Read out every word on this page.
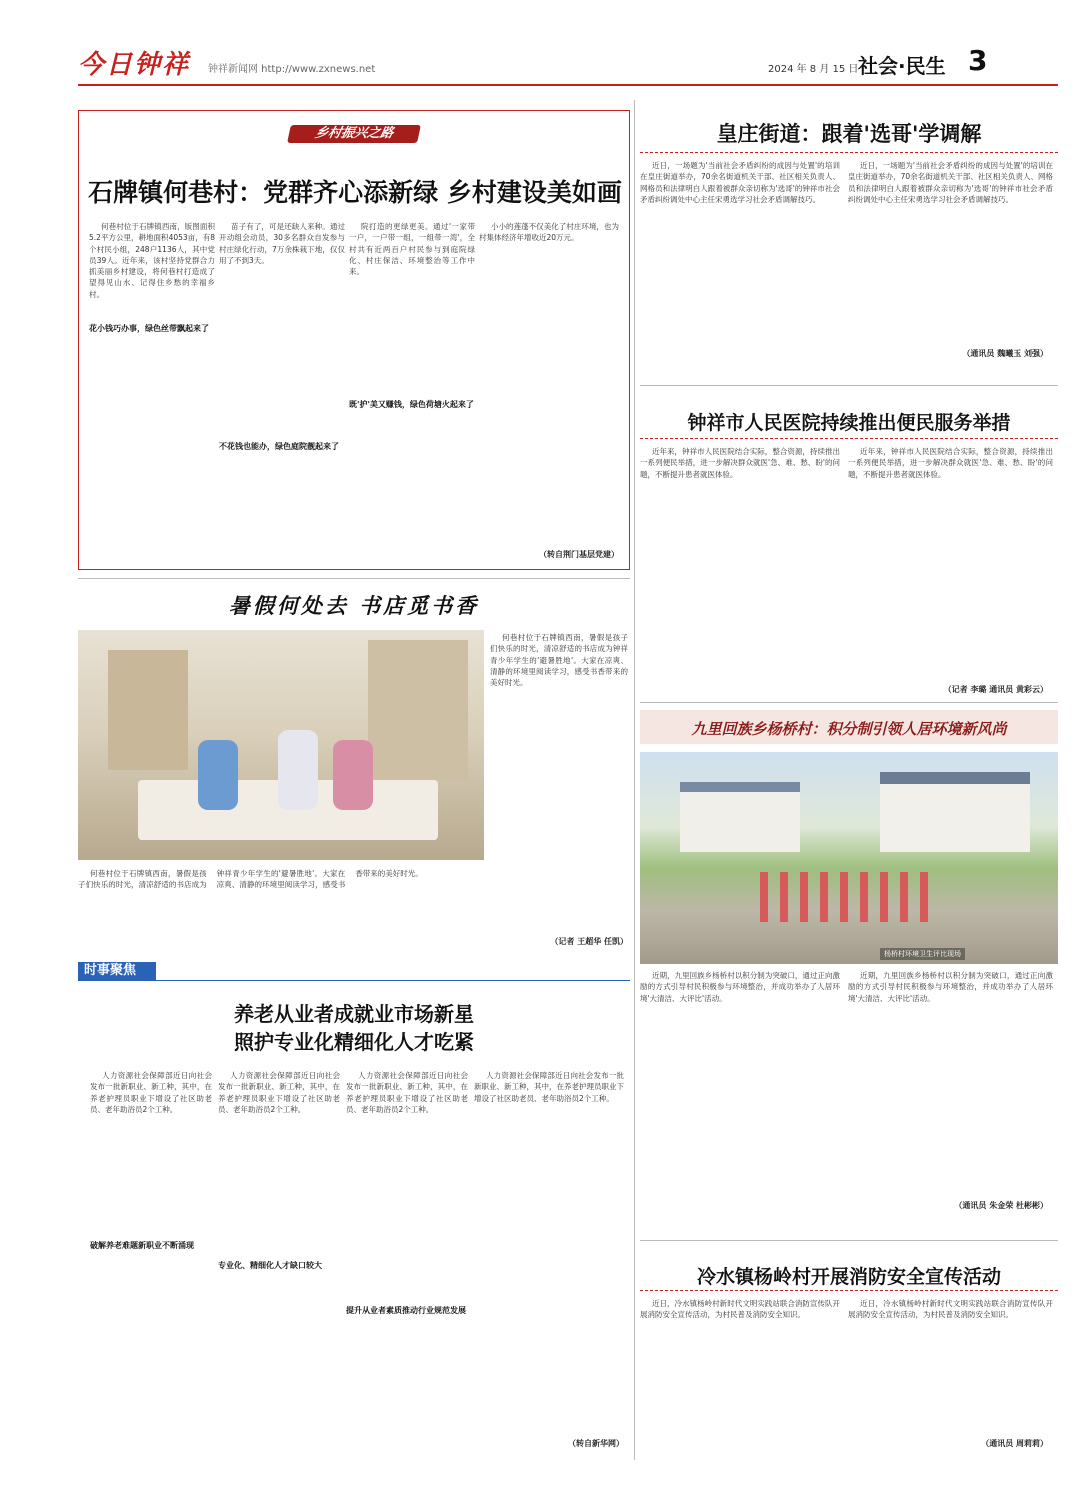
今日钟祥 钟祥新闻网 http://www.zxnews.net	2024 年 8 月 15 日 社会·民生 3
乡村振兴之路
石牌镇何巷村：党群齐心添新绿 乡村建设美如画
何巷村位于石牌镇西南，版图面积5.2平方公里，耕地面积4053亩，有8个村民小组，248户1136人，其中党员39人。近年来，该村坚持党群合力抓美丽乡村建设，将何巷村打造成了望得见山水、记得住乡愁的幸福乡村。
花小钱巧办事，绿色丝带飘起来了
苗子有了，可是还缺人来种。通过开动组会动员，30多名群众自发参与村庄绿化行动，7万余株栽下地，仅仅用了不到3天。
不花钱也能办，绿色庭院靓起来了
院打造的更绿更美。通过'一家带一户，一户带一组，一组带一湾'，全村共有近两百户村民参与到庭院绿化、村庄保洁、环境整治等工作中来。
既'护'美又赚钱，绿色荷塘火起来了
小小的莲蓬不仅美化了村庄环境，也为村集体经济年增收近20万元。
（转自荆门基层党建）
皇庄街道：跟着'选哥'学调解
近日，一场题为'当前社会矛盾纠纷的成因与处置'的培训在皇庄街道举办，70余名街道机关干部、社区相关负责人、网格员和法律明白人跟着被群众亲切称为'选哥'的钟祥市社会矛盾纠纷调处中心主任宋勇选学习社会矛盾调解技巧。
近日，一场题为'当前社会矛盾纠纷的成因与处置'的培训在皇庄街道举办，70余名街道机关干部、社区相关负责人、网格员和法律明白人跟着被群众亲切称为'选哥'的钟祥市社会矛盾纠纷调处中心主任宋勇选学习社会矛盾调解技巧。
（通讯员 魏曦玉 刘强）
钟祥市人民医院持续推出便民服务举措
近年来，钟祥市人民医院结合实际，整合资源，持续推出一系列便民举措，进一步解决群众就医'急、难、愁、盼'的问题，不断提升患者就医体验。
近年来，钟祥市人民医院结合实际，整合资源，持续推出一系列便民举措，进一步解决群众就医'急、难、愁、盼'的问题，不断提升患者就医体验。
（记者 李璐 通讯员 黄彩云）
暑假何处去 书店觅书香
何巷村位于石牌镇西南，暑假是孩子们快乐的时光，清凉舒适的书店成为钟祥青少年学生的'避暑胜地'。大家在凉爽、清静的环境里阅读学习，感受书香带来的美好时光。
何巷村位于石牌镇西南，暑假是孩子们快乐的时光，清凉舒适的书店成为钟祥青少年学生的'避暑胜地'。大家在凉爽、清静的环境里阅读学习，感受书香带来的美好时光。
（记者 王超华 任凯）
九里回族乡杨桥村：积分制引领人居环境新风尚
杨桥村环境卫生评比现场
近期，九里回族乡杨桥村以积分制为突破口，通过正向激励的方式引导村民积极参与环境整治，并成功举办了人居环境'大清洁、大评比'活动。
近期，九里回族乡杨桥村以积分制为突破口，通过正向激励的方式引导村民积极参与环境整治，并成功举办了人居环境'大清洁、大评比'活动。
（通讯员 朱金荣 杜彬彬）
时事聚焦
养老从业者成就业市场新星
照护专业化精细化人才吃紧
人力资源社会保障部近日向社会发布一批新职业、新工种，其中，在养老护理员职业下增设了社区助老员、老年助浴员2个工种。
破解养老难题新职业不断涌现
人力资源社会保障部近日向社会发布一批新职业、新工种，其中，在养老护理员职业下增设了社区助老员、老年助浴员2个工种。
专业化、精细化人才缺口较大
人力资源社会保障部近日向社会发布一批新职业、新工种，其中，在养老护理员职业下增设了社区助老员、老年助浴员2个工种。
提升从业者素质推动行业规范发展
人力资源社会保障部近日向社会发布一批新职业、新工种，其中，在养老护理员职业下增设了社区助老员、老年助浴员2个工种。
（转自新华网）
冷水镇杨岭村开展消防安全宣传活动
近日，冷水镇杨岭村新时代文明实践站联合消防宣传队开展消防安全宣传活动，为村民普及消防安全知识。
近日，冷水镇杨岭村新时代文明实践站联合消防宣传队开展消防安全宣传活动，为村民普及消防安全知识。
（通讯员 周莉莉）
